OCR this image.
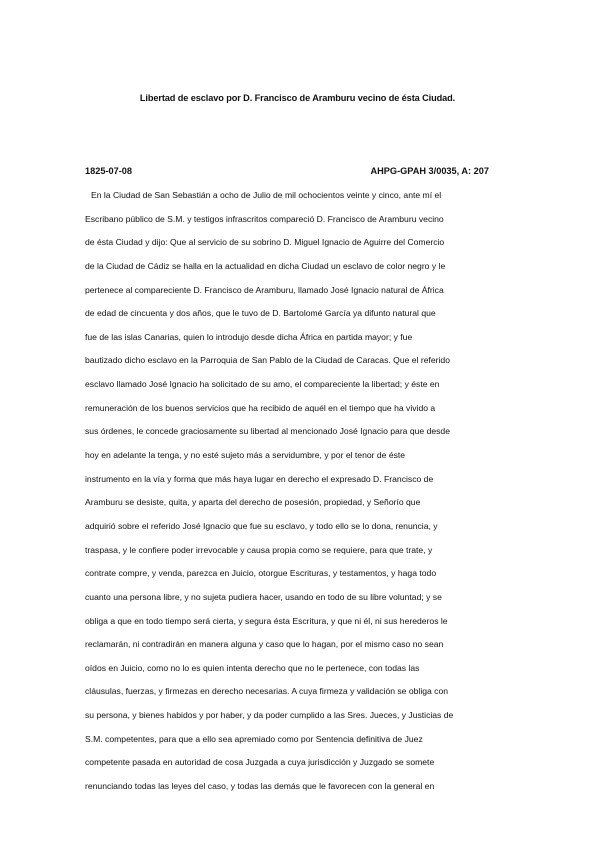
Libertad de esclavo por D. Francisco de Aramburu vecino de ésta Ciudad.
1825-07-08	AHPG-GPAH 3/0035, A: 207
En la Ciudad de San Sebastián a ocho de Julio de mil ochocientos veinte y cinco, ante mí el
Escribano público de S.M. y testigos infrascritos compareció D. Francisco de Aramburu vecino
de ésta Ciudad y dijo: Que al servicio de su sobrino D. Miguel Ignacio de Aguirre del Comercio
de la Ciudad de Cádiz se halla en la actualidad en dicha Ciudad un esclavo de color negro y le
pertenece al compareciente D. Francisco de Aramburu, llamado José Ignacio natural de África
de edad de cincuenta y dos años, que le tuvo de D. Bartolomé García ya difunto natural que
fue de las islas Canarias, quien lo introdujo desde dicha África en partida mayor; y fue
bautizado dicho esclavo en la Parroquia de San Pablo de la Ciudad de Caracas. Que el referido
esclavo llamado José Ignacio ha solicitado de su amo, el compareciente la libertad; y éste en
remuneración de los buenos servicios que ha recibido de aquél en el tiempo que ha vivido a
sus órdenes, le concede graciosamente su libertad al mencionado José Ignacio para que desde
hoy en adelante la tenga, y no esté sujeto más a servidumbre, y por el tenor de éste
instrumento en la vía y forma que más haya lugar en derecho el expresado D. Francisco de
Aramburu se desiste, quita, y aparta del derecho de posesión, propiedad, y Señorío que
adquirió sobre el referido José Ignacio que fue su esclavo, y todo ello se lo dona, renuncia, y
traspasa, y le confiere poder irrevocable y causa propia como se requiere, para que trate, y
contrate compre, y venda, parezca en Juicio, otorgue Escrituras, y testamentos, y haga todo
cuanto una persona libre, y no sujeta pudiera hacer, usando en todo de su libre voluntad; y se
obliga a que en todo tiempo será cierta, y segura ésta Escritura, y que ni él, ni sus herederos le
reclamarán, ni contradirán en manera alguna y caso que lo hagan, por el mismo caso no sean
oídos en Juicio, como no lo es quien intenta derecho que no le pertenece, con todas las
cláusulas, fuerzas, y firmezas en derecho necesarias. A cuya firmeza y validación se obliga con
su persona, y bienes habidos y por haber, y da poder cumplido a las Sres. Jueces, y Justicias de
S.M. competentes, para que a ello sea apremiado como por Sentencia definitiva de Juez
competente pasada en autoridad de cosa Juzgada a cuya jurisdicción y Juzgado se somete
renunciando todas las leyes del caso, y todas las demás que le favorecen con la general en
